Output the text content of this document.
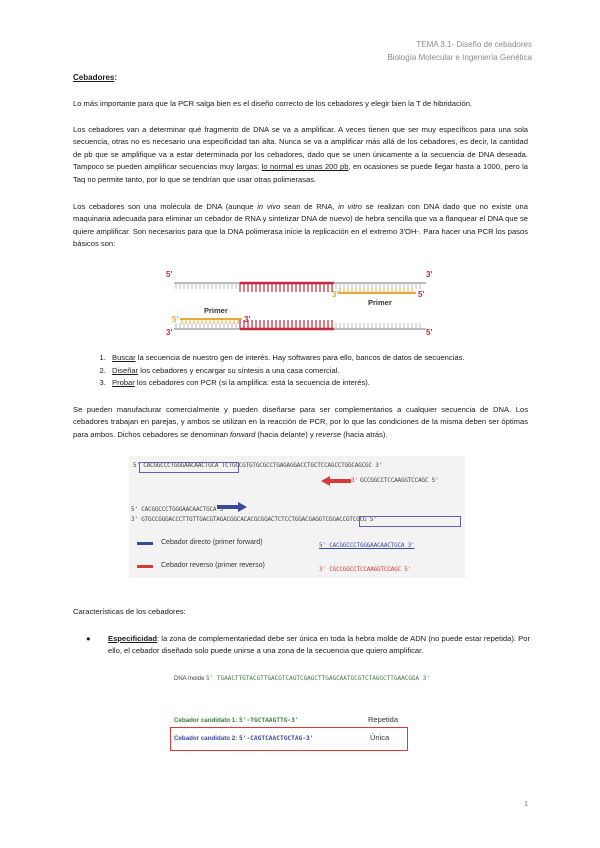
TEMA 3.1- Diseño de cebadores
Biología Molecular e Ingeniería Genética
Cebadores:
Lo más importante para que la PCR salga bien es el diseño correcto de los cebadores y elegir bien la T de hibridación.
Los cebadores van a determinar qué fragmento de DNA se va a amplificar. A veces tienen que ser muy específicos para una sola secuencia, otras no es necesario una especificidad tan alta. Nunca se va a amplificar más allá de los cebadores, es decir, la cantidad de pb que se amplifique va a estar determinada por los cebadores, dado que se unen únicamente a la secuencia de DNA deseada. Tampoco se pueden amplificar secuencias muy largas: lo normal es unas 200 pb, en ocasiones se puede llegar hasta a 1000, pero la Taq no permite tanto, por lo que se tendrían que usar otras polimerasas.
Los cebadores son una molécula de DNA (aunque in vivo sean de RNA, in vitro se realizan con DNA dado que no existe una maquinaria adecuada para eliminar un cebador de RNA y sintetizar DNA de nuevo) de hebra sencilla que va a flanquear el DNA que se quiere amplificar. Son necesarios para que la DNA polimerasa inicie la replicación en el extremo 3'OH-. Para hacer una PCR los pasos básicos son:
5'	3'
3'	5'
Primer
Primer
5'	3'
3'	5'
1. Buscar la secuencia de nuestro gen de interés. Hay softwares para ello, bancos de datos de secuencias.
2. Diseñar los cebadores y encargar su síntesis a una casa comercial.
3. Probar los cebadores con PCR (si la amplifica: está la secuencia de interés).
Se pueden manufacturar comercialmente y pueden diseñarse para ser complementarios a cualquier secuencia de DNA. Los cebadores trabajan en parejas, y ambos se utilizan en la reacción de PCR, por lo que las condiciones de la misma deben ser óptimas para ambos. Dichos cebadores se denominan forward (hacia delante) y reverse (hacia atrás).
5' CACGGCCCTGGGAACAACTGCA TCTGCCGTGTGCGCCTGAGAGGACCTGCTCCAGCCTGGCAGCGC 3'
3' GCCGGCCTCCAAGGTCCAGC 5'
5' CACGGCCCTGGGAACAACTGCA 3'
3' GTGCCGGGACCCTTGTTGACGTAGACGGCACACGCGGACTCTCCTGGACGAGGTCGGACCGTCGCG 5'
Cebador directo (primer forward)
Cebador reverso (primer reverso)
5' CACGGCCCTGGGAACAACTGCA 3'
3' CGCCGGCCTCCAAGGTCCAGC 5'
Características de los cebadores:
● Especificidad: la zona de complementariedad debe ser única en toda la hebra molde de ADN (no puede estar repetida). Por ello, el cebador diseñado solo puede unirse a una zona de la secuencia que quiero amplificar.
DNA molde 5' TGAACTTGTACGTTGACGTCAGTCGAGCTTGAGCAATGCGTCTAGGCTTGAACGGA 3'
Cebador candidato 1: 5'-TGCTAAGTTG-3'	Repetida
Cebador candidato 2: 5'-CAGTCAACTGCTAG-3'	Única
1
